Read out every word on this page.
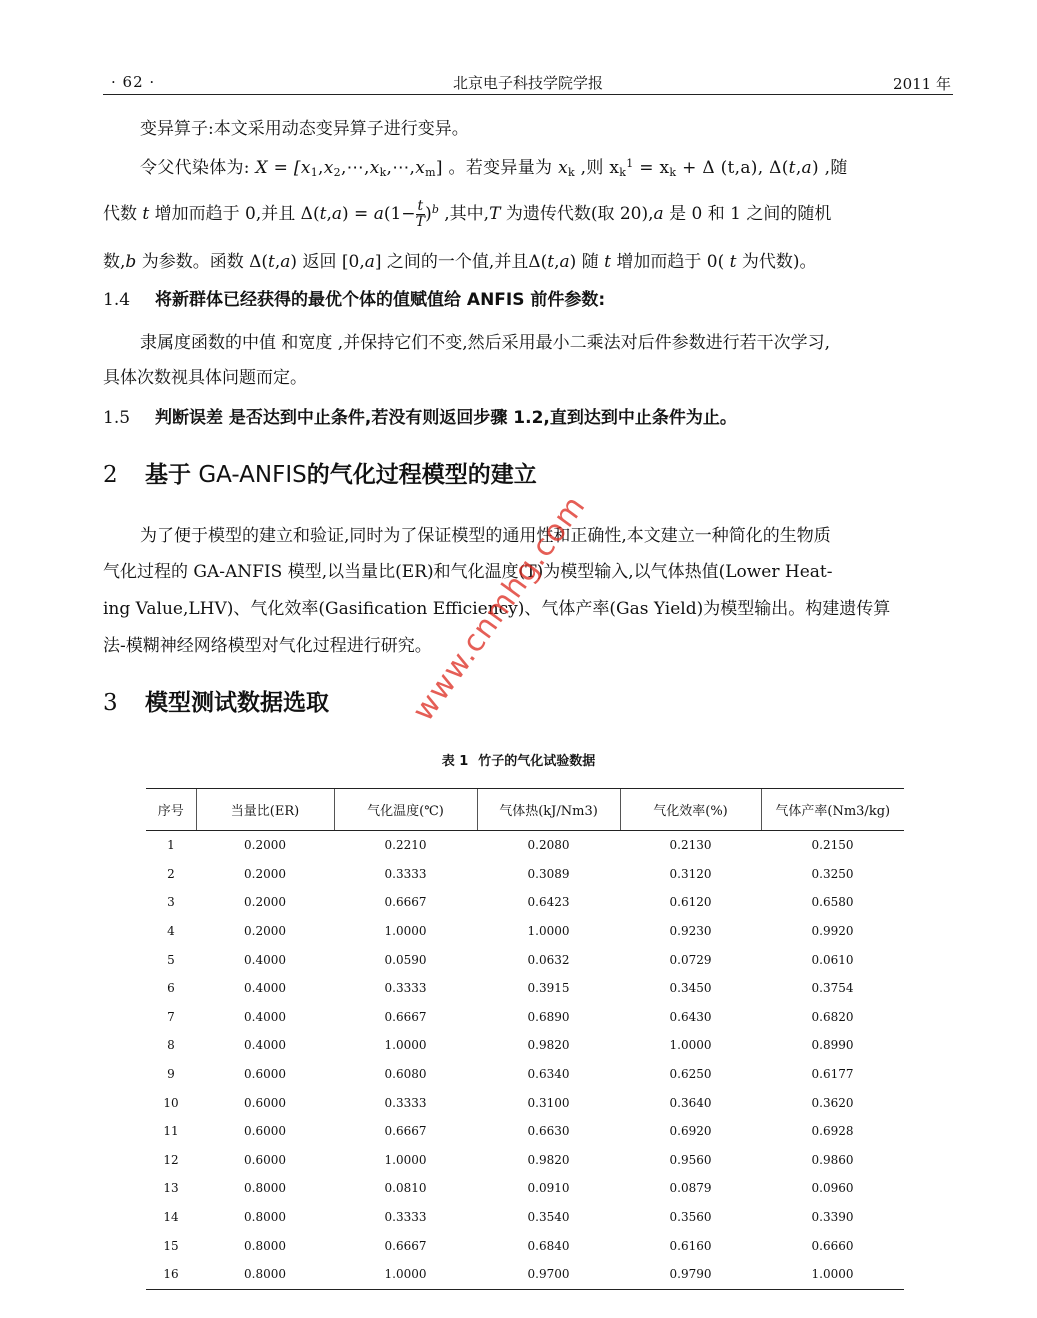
· 62 ·	北京电子科技学院学报	2011 年
变异算子:本文采用动态变异算子进行变异。
令父代染体为: $X = [x_1,x_2,\cdots,x_k,\cdots,x_m]$ 。若变异量为 $x_k$ ,则 $x_k^1 = x_k + \Delta$ (t,a), Δ(t,a) ,随
代数 t 增加而趋于 0,并且 $\Delta(t,a) = a(1- \frac{t}{T} )^b$ ,其中,T 为遗传代数(取 20),a 是 0 和 1 之间的随机
数,b 为参数。函数 Δ(t,a) 返回 [0,a] 之间的一个值,并且Δ(t,a) 随 t 增加而趋于 0( t 为代数)。
1.4 将新群体已经获得的最优个体的值赋值给 ANFIS 前件参数:
隶属度函数的中值 和宽度 ,并保持它们不变,然后采用最小二乘法对后件参数进行若干次学习,
具体次数视具体问题而定。
1.5 判断误差 是否达到中止条件,若没有则返回步骤 1.2,直到达到中止条件为止。
2 基于 GA-ANFIS的气化过程模型的建立
为了便于模型的建立和验证,同时为了保证模型的通用性和正确性,本文建立一种简化的生物质
气化过程的 GA-ANFIS 模型,以当量比(ER)和气化温度(T)为模型输入,以气体热值(Lower Heat-
ing Value,LHV)、气化效率(Gasification Efficiency)、气体产率(Gas Yield)为模型输出。构建遗传算
法-模糊神经网络模型对气化过程进行研究。
3 模型测试数据选取
表 1 竹子的气化试验数据
序号	当量比(ER)	气化温度(℃)	气体热(kJ/Nm3)	气化效率(%)	气体产率(Nm3/kg)
1	0.2000	0.2210	0.2080	0.2130	0.2150
2	0.2000	0.3333	0.3089	0.3120	0.3250
3	0.2000	0.6667	0.6423	0.6120	0.6580
4	0.2000	1.0000	1.0000	0.9230	0.9920
5	0.4000	0.0590	0.0632	0.0729	0.0610
6	0.4000	0.3333	0.3915	0.3450	0.3754
7	0.4000	0.6667	0.6890	0.6430	0.6820
8	0.4000	1.0000	0.9820	1.0000	0.8990
9	0.6000	0.6080	0.6340	0.6250	0.6177
10	0.6000	0.3333	0.3100	0.3640	0.3620
11	0.6000	0.6667	0.6630	0.6920	0.6928
12	0.6000	1.0000	0.9820	0.9560	0.9860
13	0.8000	0.0810	0.0910	0.0879	0.0960
14	0.8000	0.3333	0.3540	0.3560	0.3390
15	0.8000	0.6667	0.6840	0.6160	0.6660
16	0.8000	1.0000	0.9700	0.9790	1.0000
www.cnmhg.com
